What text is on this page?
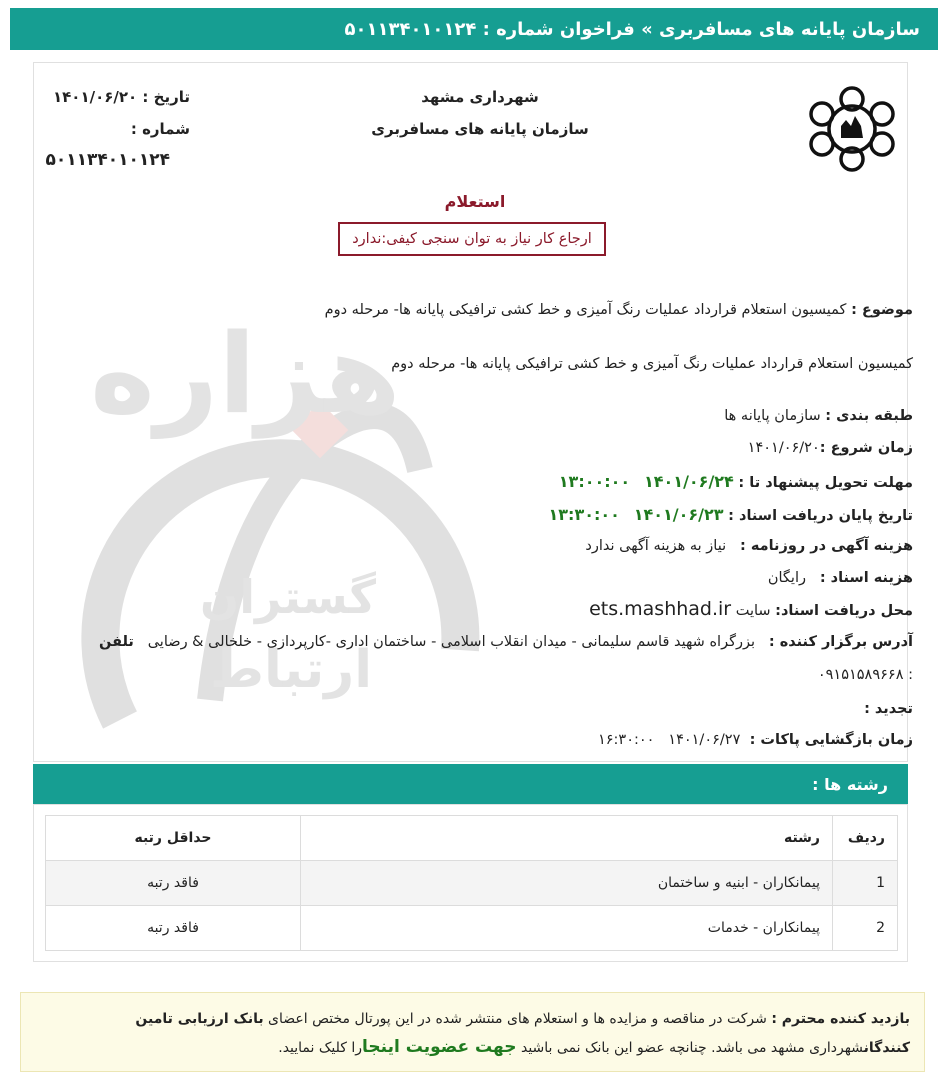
سازمان پایانه های مسافربری » فراخوان شماره : ۵۰۱۱۳۴۰۱۰۱۲۴
هزاره
گستران
ارتباط
شهرداری مشهد
سازمان پایانه های مسافربری
تاریخ : ۱۴۰۱/۰۶/۲۰
شماره :
۵۰۱۱۳۴۰۱۰۱۲۴
استعلام
ارجاع کار نیاز به توان سنجی کیفی:ندارد
موضوع : کمیسیون استعلام قرارداد عملیات رنگ آمیزی و خط کشی ترافیکی پایانه ها- مرحله دوم
کمیسیون استعلام قرارداد عملیات رنگ آمیزی و خط کشی ترافیکی پایانه ها- مرحله دوم
طبقه بندی : سازمان پایانه ها
زمان شروع :۱۴۰۱/۰۶/۲۰
مهلت تحویل پیشنهاد تا : ۱۴۰۱/۰۶/۲۴   ۱۳:۰۰:۰۰
تاریخ پایان دریافت اسناد : ۱۴۰۱/۰۶/۲۳   ۱۳:۳۰:۰۰
هزینه آگهی در روزنامه :   نیاز به هزینه آگهی ندارد
هزینه اسناد :   رایگان
محل دریافت اسناد: سایت ets.mashhad.ir
آدرس برگزار کننده :   بزرگراه شهید قاسم سلیمانی - میدان انقلاب اسلامی - ساختمان اداری -کارپردازی - خلخالی & رضایی   تلفن
: ۰۹۱۵۱۵۸۹۶۶۸
تجدید :
زمان بازگشایی پاکات :  ۱۴۰۱/۰۶/۲۷   ۱۶:۳۰:۰۰
رشته ها :
ردیف	رشته	حداقل رتبه
1	پیمانکاران - ابنیه و ساختمان	فاقد رتبه
2	پیمانکاران - خدمات	فاقد رتبه
بازدید کننده محترم : شرکت در مناقصه و مزایده ها و استعلام های منتشر شده در این پورتال مختص اعضای بانک ارزیابی تامین کنندگانشهرداری مشهد می باشد. چنانچه عضو این بانک نمی باشید جهت عضویت اینجارا کلیک نمایید.
